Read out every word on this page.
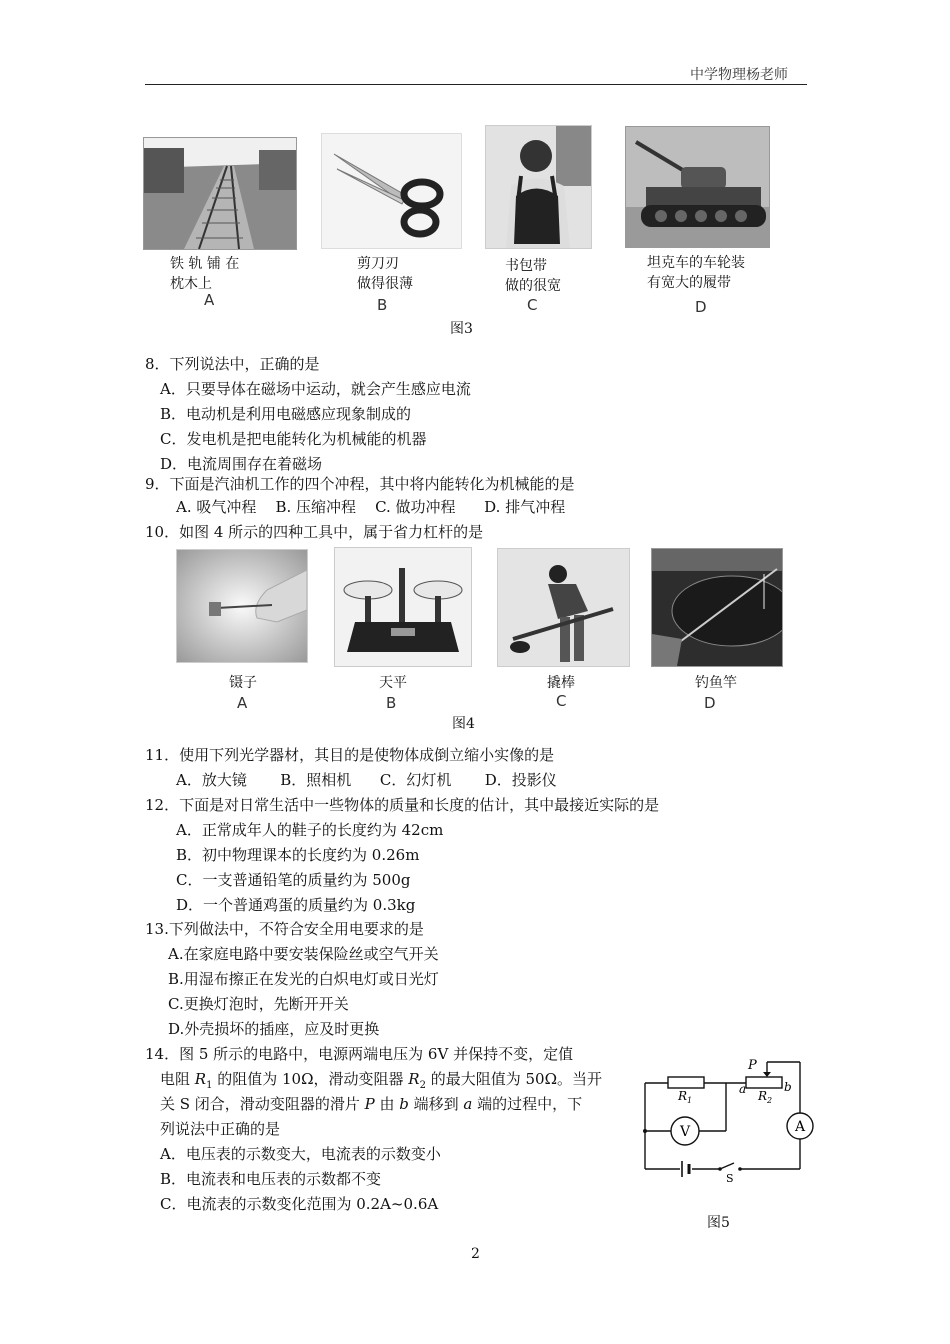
中学物理杨老师
铁 轨 铺 在
枕木上
A
剪刀刃
做得很薄
B
书包带
做的很宽
C
坦克车的车轮装
有宽大的履带
D
图3
8．下列说法中，正确的是
A．只要导体在磁场中运动，就会产生感应电流
B．电动机是利用电磁感应现象制成的
C．发电机是把电能转化为机械能的机器
D．电流周围存在着磁场
9．下面是汽油机工作的四个冲程，其中将内能转化为机械能的是
A. 吸气冲程    B. 压缩冲程    C. 做功冲程      D. 排气冲程
10．如图 4 所示的四种工具中，属于省力杠杆的是
镊子
A
天平
B
撬棒
C
钓鱼竿
D
图4
11．使用下列光学器材，其目的是使物体成倒立缩小实像的是
A．放大镜       B．照相机      C．幻灯机       D．投影仪
12．下面是对日常生活中一些物体的质量和长度的估计，其中最接近实际的是
A．正常成年人的鞋子的长度约为 42cm
B．初中物理课本的长度约为 0.26m
C．一支普通铅笔的质量约为 500g
D．一个普通鸡蛋的质量约为 0.3kg
13.下列做法中，不符合安全用电要求的是
A.在家庭电路中要安装保险丝或空气开关
B.用湿布擦正在发光的白炽电灯或日光灯
C.更换灯泡时，先断开开关
D.外壳损坏的插座，应及时更换
14．图 5 所示的电路中，电源两端电压为 6V 并保持不变，定值
电阻 $R_1$ 的阻值为 10Ω，滑动变阻器 $R_2$ 的最大阻值为 50Ω。当开
关 S 闭合，滑动变阻器的滑片 P 由 b 端移到 a 端的过程中，下
列说法中正确的是
A．电压表的示数变大，电流表的示数变小
B．电流表和电压表的示数都不变
C．电流表的示数变化范围为 0.2A~0.6A
P
$R_1$	$R_2$
a	b
V	A
S
图5
2
